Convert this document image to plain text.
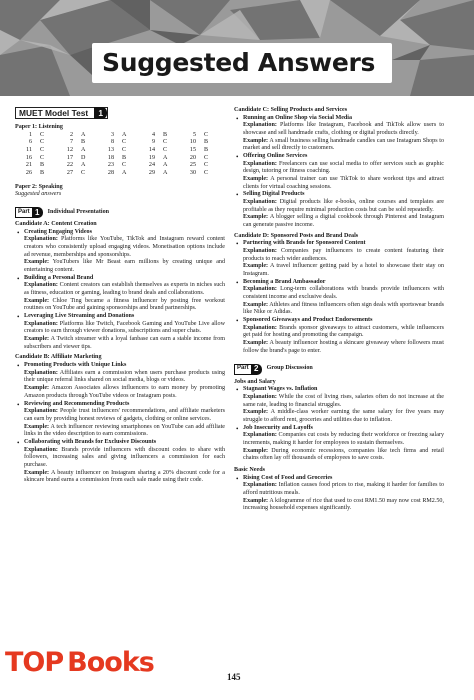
Suggested Answers
MUET Model Test	1
Paper 1: Listening
1 C	2 A	3 A	4 B	5 C
6 C	7 B	8 C	9 C	10 B
11 C	12 A	13 C	14 C	15 B
16 C	17 D	18 B	19 A	20 C
21 B	22 A	23 C	24 A	25 C
26 B	27 C	28 A	29 A	30 C
Paper 2: Speaking
Suggested answers
Part 1	Individual Presentation
Candidate A: Content Creation
• Creating Engaging Videos
Explanation: Platforms like YouTube, TikTok and Instagram reward content creators who consistently upload engaging videos. Monetisation options include ad revenue, memberships and sponsorships.
Example: YouTubers like Mr Beast earn millions by creating unique and entertaining content.
• Building a Personal Brand
Explanation: Content creators can establish themselves as experts in niches such as fitness, education or gaming, leading to brand deals and collaborations.
Example: Chloe Ting became a fitness influencer by posting free workout routines on YouTube and gaining sponsorships and brand partnerships.
• Leveraging Live Streaming and Donations
Explanation: Platforms like Twitch, Facebook Gaming and YouTube Live allow creators to earn through viewer donations, subscriptions and super chats.
Example: A Twitch streamer with a loyal fanbase can earn a stable income from subscribers and viewer tips.
Candidate B: Affiliate Marketing
• Promoting Products with Unique Links
Explanation: Affiliates earn a commission when users purchase products using their unique referral links shared on social media, blogs or videos.
Example: Amazon Associates allows influencers to earn money by promoting Amazon products through YouTube videos or Instagram posts.
• Reviewing and Recommending Products
Explanation: People trust influencers' recommendations, and affiliate marketers can earn by providing honest reviews of gadgets, clothing or online services.
Example: A tech influencer reviewing smartphones on YouTube can add affiliate links in the video description to earn commissions.
• Collaborating with Brands for Exclusive Discounts
Explanation: Brands provide influencers with discount codes to share with followers, increasing sales and giving influencers a commission for each purchase.
Example: A beauty influencer on Instagram sharing a 20% discount code for a skincare brand earns a commission from each sale made using their code.
Candidate C: Selling Products and Services
• Running an Online Shop via Social Media
Explanation: Platforms like Instagram, Facebook and TikTok allow users to showcase and sell handmade crafts, clothing or digital products directly.
Example: A small business selling handmade candles can use Instagram Shops to market and sell directly to customers.
• Offering Online Services
Explanation: Freelancers can use social media to offer services such as graphic design, tutoring or fitness coaching.
Example: A personal trainer can use TikTok to share workout tips and attract clients for virtual coaching sessions.
• Selling Digital Products
Explanation: Digital products like e-books, online courses and templates are profitable as they require minimal production costs but can be sold repeatedly.
Example: A blogger selling a digital cookbook through Pinterest and Instagram can generate passive income.
Candidate D: Sponsored Posts and Brand Deals
• Partnering with Brands for Sponsored Content
Explanation: Companies pay influencers to create content featuring their products to reach wider audiences.
Example: A travel influencer getting paid by a hotel to showcase their stay on Instagram.
• Becoming a Brand Ambassador
Explanation: Long-term collaborations with brands provide influencers with consistent income and exclusive deals.
Example: Athletes and fitness influencers often sign deals with sportswear brands like Nike or Adidas.
• Sponsored Giveaways and Product Endorsements
Explanation: Brands sponsor giveaways to attract customers, while influencers get paid for hosting and promoting the campaign.
Example: A beauty influencer hosting a skincare giveaway where followers must follow the brand's page to enter.
Part 2	Group Discussion
Jobs and Salary
• Stagnant Wages vs. Inflation
Explanation: While the cost of living rises, salaries often do not increase at the same rate, leading to financial struggles.
Example: A middle-class worker earning the same salary for five years may struggle to afford rent, groceries and utilities due to inflation.
• Job Insecurity and Layoffs
Explanation: Companies cut costs by reducing their workforce or freezing salary increments, making it harder for employees to sustain themselves.
Example: During economic recessions, companies like tech firms and retail chains often lay off thousands of employees to save costs.
Basic Needs
• Rising Cost of Food and Groceries
Explanation: Inflation causes food prices to rise, making it harder for families to afford nutritious meals.
Example: A kilogramme of rice that used to cost RM1.50 may now cost RM2.50, increasing household expenses significantly.
TOP Books	145
